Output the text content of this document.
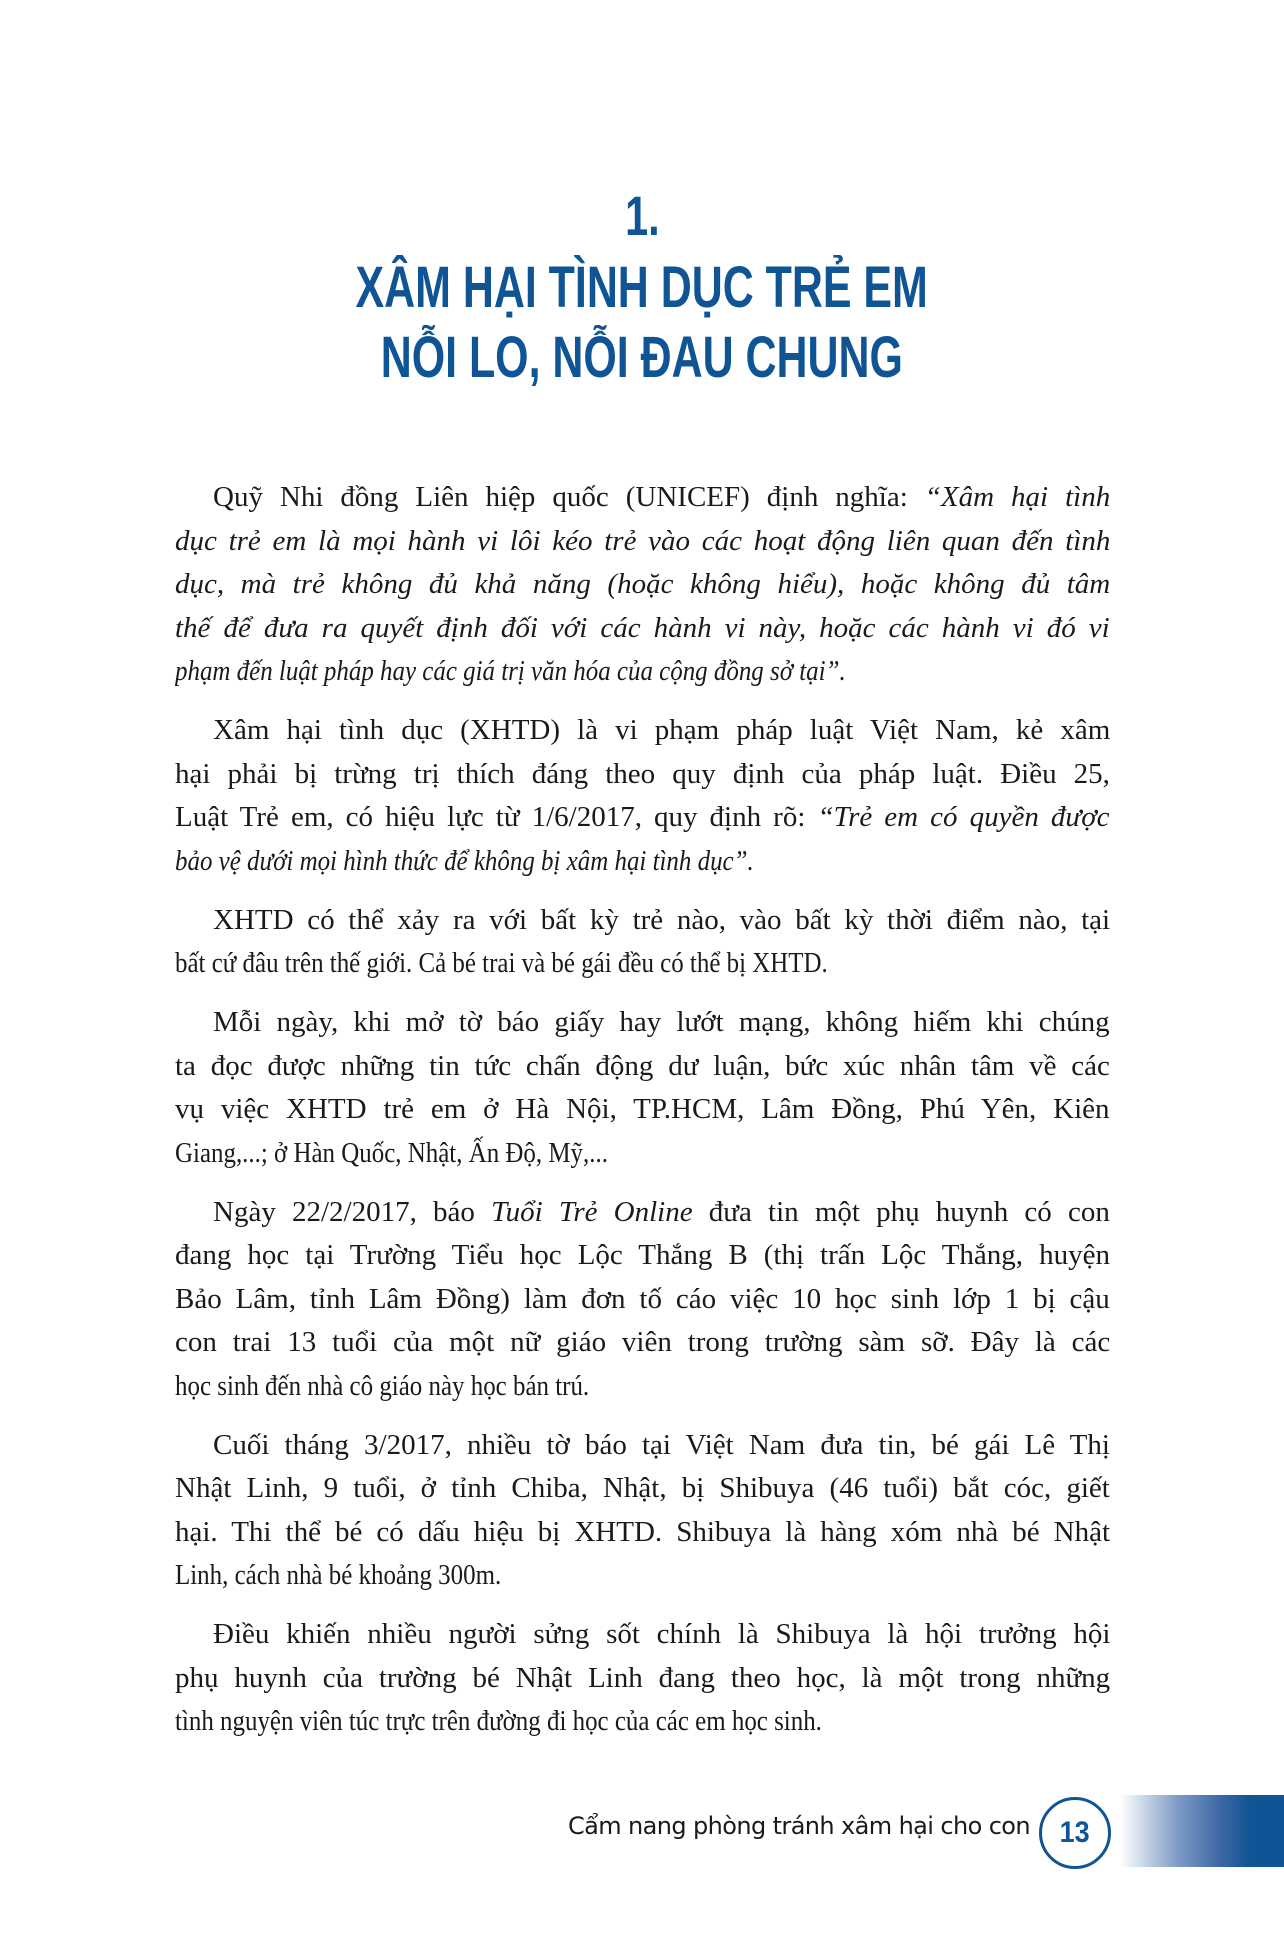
1.
XÂM HẠI TÌNH DỤC TRẺ EM
NỖI LO, NỖI ĐAU CHUNG
Quỹ Nhi đồng Liên hiệp quốc (UNICEF) định nghĩa: “Xâm hại tình
dục trẻ em là mọi hành vi lôi kéo trẻ vào các hoạt động liên quan đến tình
dục, mà trẻ không đủ khả năng (hoặc không hiểu), hoặc không đủ tâm
thế để đưa ra quyết định đối với các hành vi này, hoặc các hành vi đó vi
phạm đến luật pháp hay các giá trị văn hóa của cộng đồng sở tại”.
Xâm hại tình dục (XHTD) là vi phạm pháp luật Việt Nam, kẻ xâm
hại phải bị trừng trị thích đáng theo quy định của pháp luật. Điều 25,
Luật Trẻ em, có hiệu lực từ 1/6/2017, quy định rõ: “Trẻ em có quyền được
bảo vệ dưới mọi hình thức để không bị xâm hại tình dục”.
XHTD có thể xảy ra với bất kỳ trẻ nào, vào bất kỳ thời điểm nào, tại
bất cứ đâu trên thế giới. Cả bé trai và bé gái đều có thể bị XHTD.
Mỗi ngày, khi mở tờ báo giấy hay lướt mạng, không hiếm khi chúng
ta đọc được những tin tức chấn động dư luận, bức xúc nhân tâm về các
vụ việc XHTD trẻ em ở Hà Nội, TP.HCM, Lâm Đồng, Phú Yên, Kiên
Giang,...; ở Hàn Quốc, Nhật, Ấn Độ, Mỹ,...
Ngày 22/2/2017, báo Tuổi Trẻ Online đưa tin một phụ huynh có con
đang học tại Trường Tiểu học Lộc Thắng B (thị trấn Lộc Thắng, huyện
Bảo Lâm, tỉnh Lâm Đồng) làm đơn tố cáo việc 10 học sinh lớp 1 bị cậu
con trai 13 tuổi của một nữ giáo viên trong trường sàm sỡ. Đây là các
học sinh đến nhà cô giáo này học bán trú.
Cuối tháng 3/2017, nhiều tờ báo tại Việt Nam đưa tin, bé gái Lê Thị
Nhật Linh, 9 tuổi, ở tỉnh Chiba, Nhật, bị Shibuya (46 tuổi) bắt cóc, giết
hại. Thi thể bé có dấu hiệu bị XHTD. Shibuya là hàng xóm nhà bé Nhật
Linh, cách nhà bé khoảng 300m.
Điều khiến nhiều người sửng sốt chính là Shibuya là hội trưởng hội
phụ huynh của trường bé Nhật Linh đang theo học, là một trong những
tình nguyện viên túc trực trên đường đi học của các em học sinh.
Cẩm nang phòng tránh xâm hại cho con 13
